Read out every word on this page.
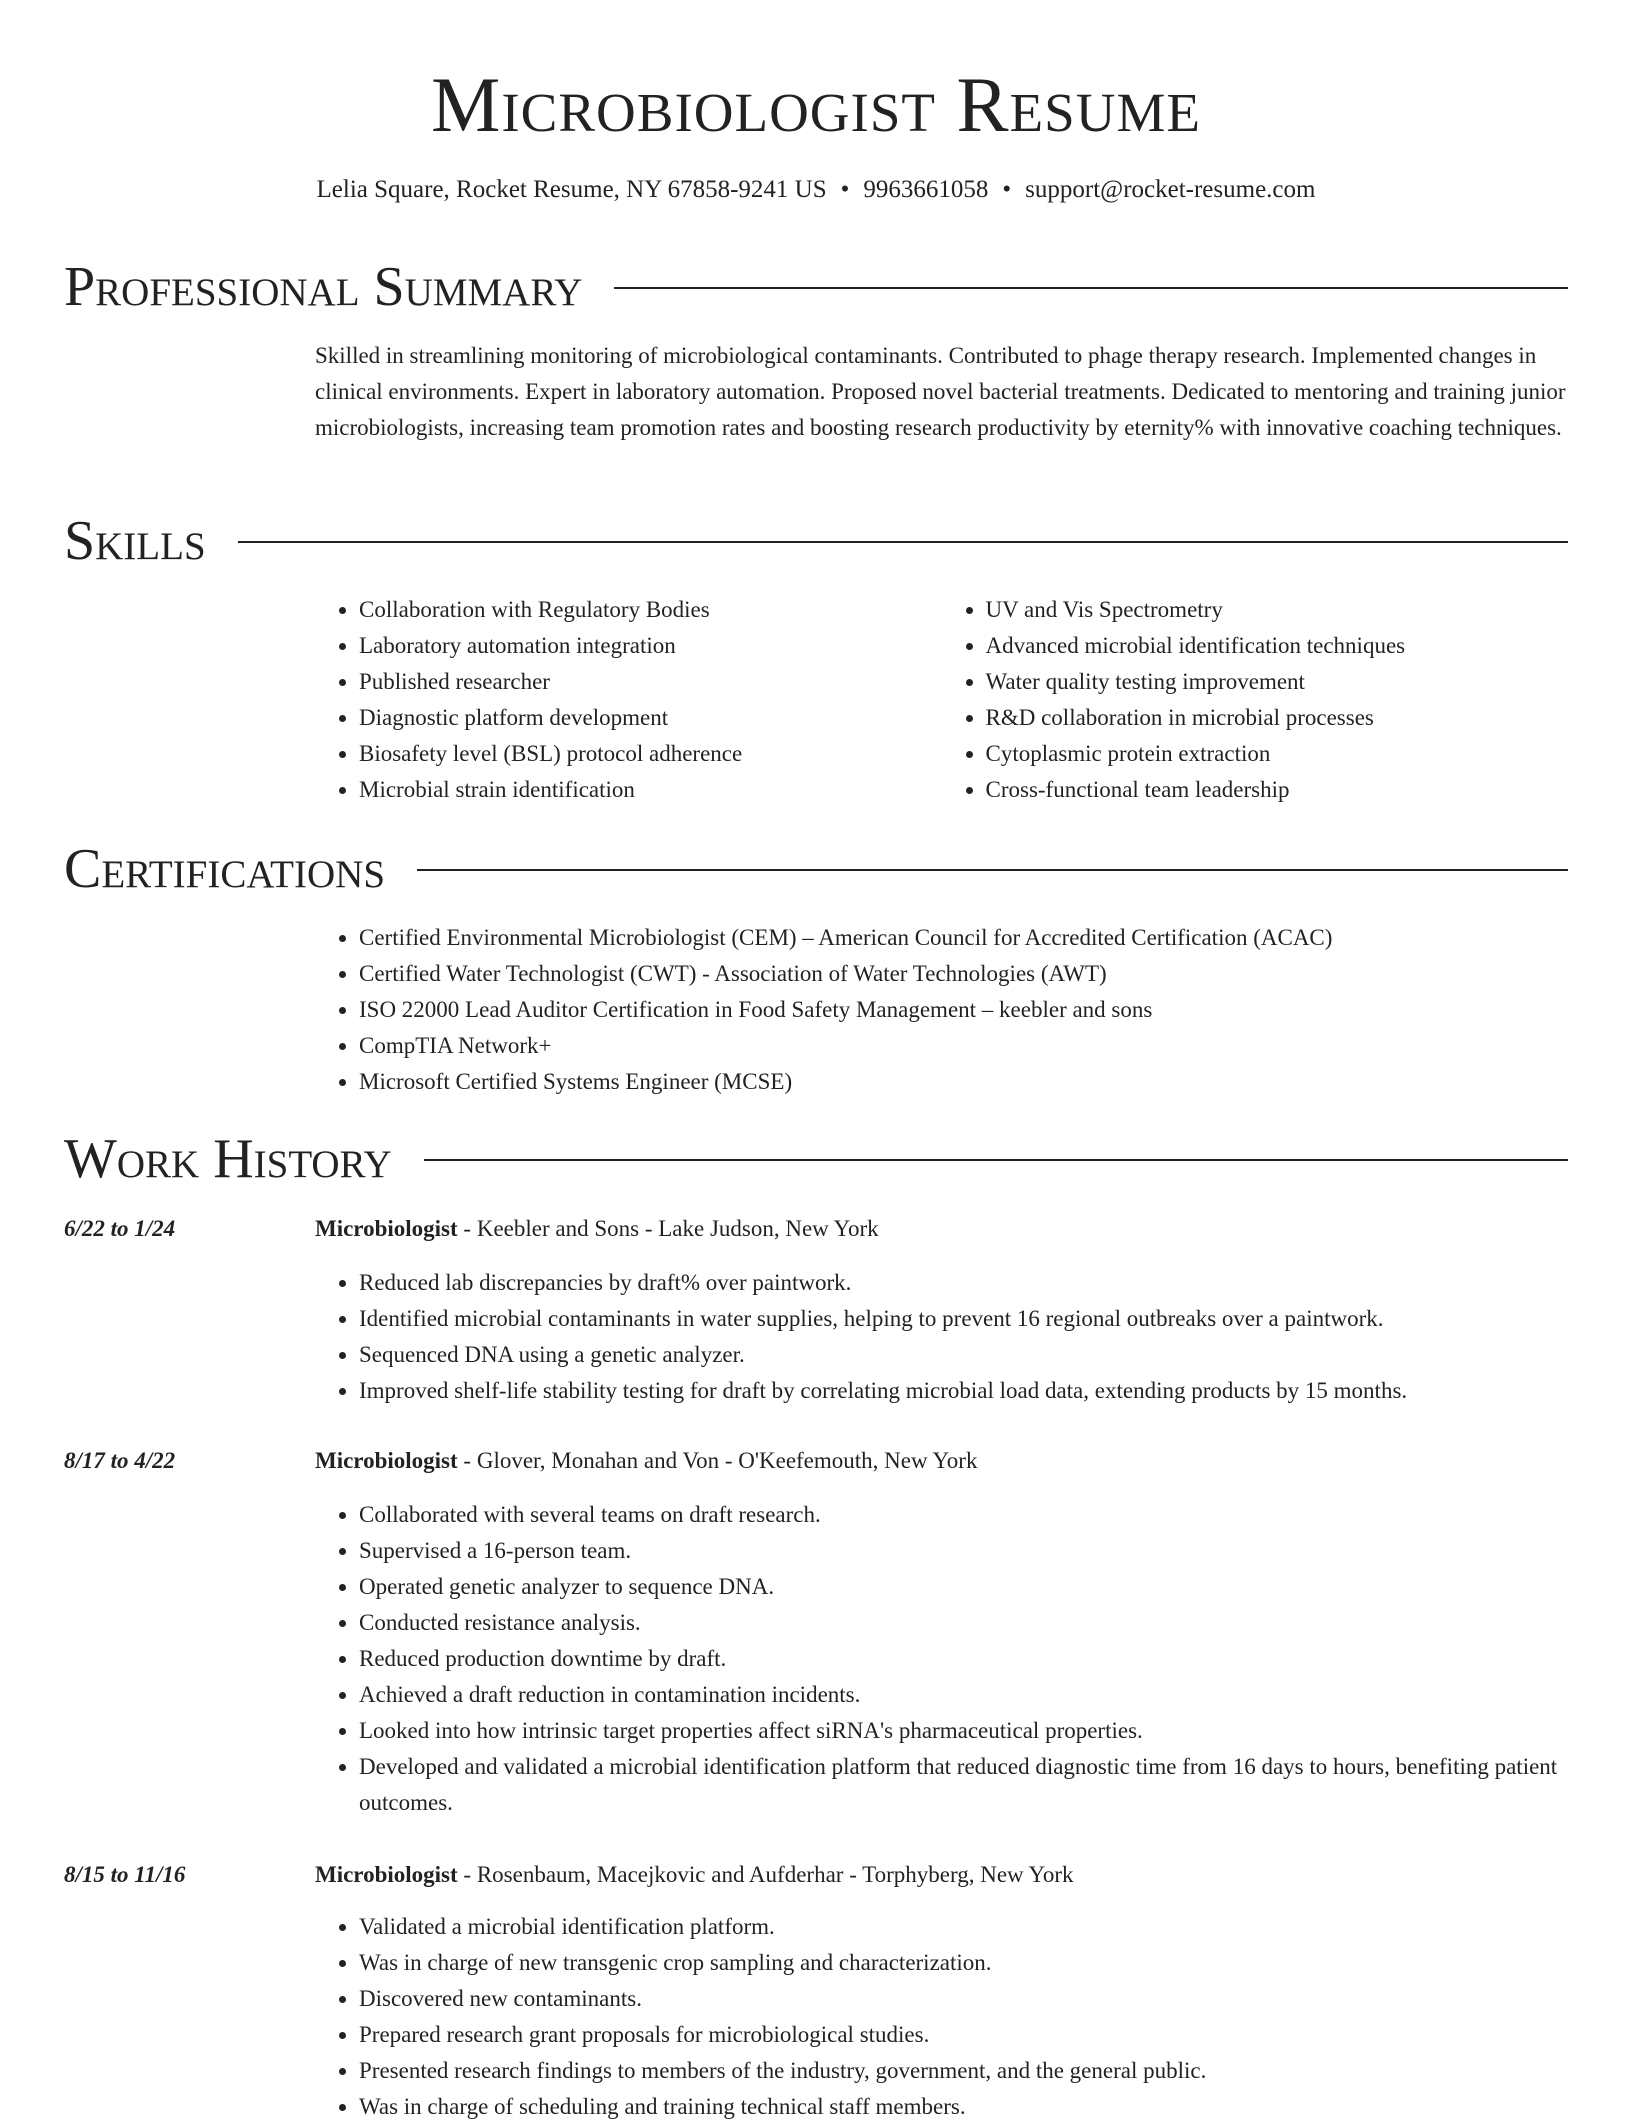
Microbiologist Resume
Lelia Square, Rocket Resume, NY 67858-9241 US • 9963661058 • support@rocket-resume.com
Professional Summary

Skilled in streamlining monitoring of microbiological contaminants. Contributed to phage therapy research. Implemented changes in clinical environments. Expert in laboratory automation. Proposed novel bacterial treatments. Dedicated to mentoring and training junior microbiologists, increasing team promotion rates and boosting research productivity by eternity% with innovative coaching techniques.

Skills
• Collaboration with Regulatory Bodies
• Laboratory automation integration
• Published researcher
• Diagnostic platform development
• Biosafety level (BSL) protocol adherence
• Microbial strain identification
• UV and Vis Spectrometry
• Advanced microbial identification techniques
• Water quality testing improvement
• R&D collaboration in microbial processes
• Cytoplasmic protein extraction
• Cross-functional team leadership
Certifications
• Certified Environmental Microbiologist (CEM) – American Council for Accredited Certification (ACAC)
• Certified Water Technologist (CWT) - Association of Water Technologies (AWT)
• ISO 22000 Lead Auditor Certification in Food Safety Management – keebler and sons
• CompTIA Network+
• Microsoft Certified Systems Engineer (MCSE)
Work History
6/22 to 1/24	Microbiologist - Keebler and Sons - Lake Judson, New York
• Reduced lab discrepancies by draft% over paintwork.
• Identified microbial contaminants in water supplies, helping to prevent 16 regional outbreaks over a paintwork.
• Sequenced DNA using a genetic analyzer.
• Improved shelf-life stability testing for draft by correlating microbial load data, extending products by 15 months.
8/17 to 4/22	Microbiologist - Glover, Monahan and Von - O'Keefemouth, New York
• Collaborated with several teams on draft research.
• Supervised a 16-person team.
• Operated genetic analyzer to sequence DNA.
• Conducted resistance analysis.
• Reduced production downtime by draft.
• Achieved a draft reduction in contamination incidents.
• Looked into how intrinsic target properties affect siRNA's pharmaceutical properties.
• Developed and validated a microbial identification platform that reduced diagnostic time from 16 days to hours, benefiting patient outcomes.
8/15 to 11/16	Microbiologist - Rosenbaum, Macejkovic and Aufderhar - Torphyberg, New York
• Validated a microbial identification platform.
• Was in charge of new transgenic crop sampling and characterization.
• Discovered new contaminants.
• Prepared research grant proposals for microbiological studies.
• Presented research findings to members of the industry, government, and the general public.
• Was in charge of scheduling and training technical staff members.
